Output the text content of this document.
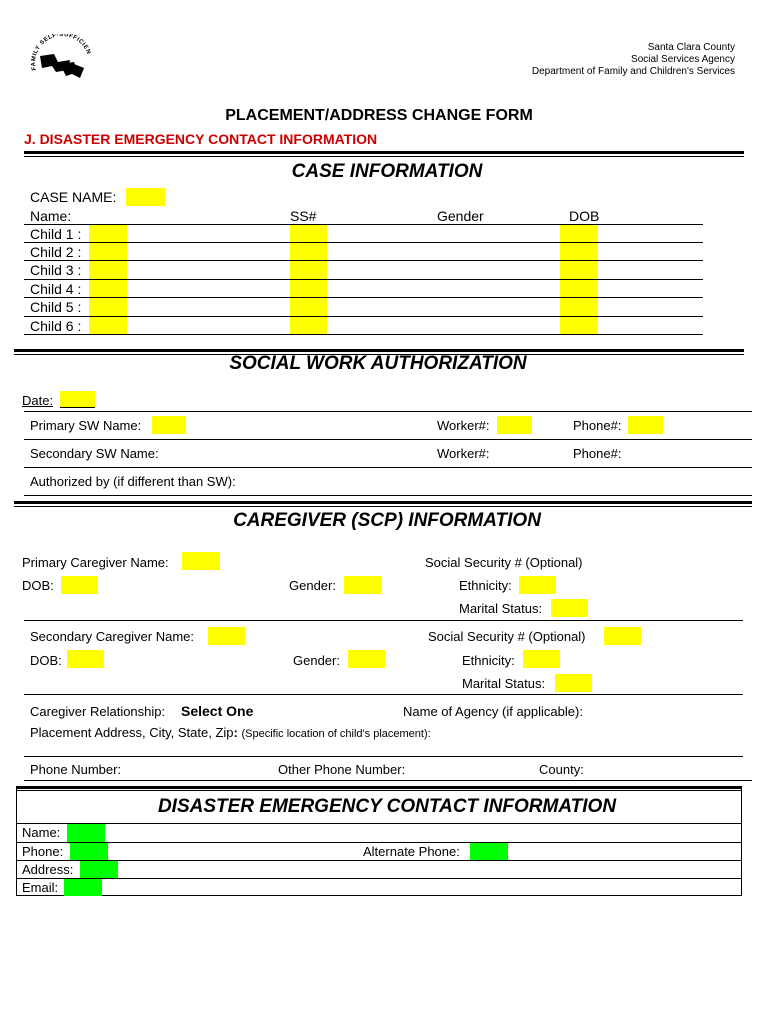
FAMILY SELF-SUFFICIEN	Santa Clara County
Social Services Agency
Department of Family and Children's Services
PLACEMENT/ADDRESS CHANGE FORM
J. DISASTER EMERGENCY CONTACT INFORMATION
CASE INFORMATION
CASE NAME:
Name:	SS#	Gender	DOB
Child 1 :
Child 2 :
Child 3 :
Child 4 :
Child 5 :
Child 6 :
SOCIAL WORK AUTHORIZATION
Date:
Primary SW Name:	Worker#:	Phone#:
Secondary SW Name:	Worker#:	Phone#:
Authorized by (if different than SW):
CAREGIVER (SCP) INFORMATION
Primary Caregiver Name:	Social Security # (Optional)
DOB:	Gender:	Ethnicity:
Marital Status:
Secondary Caregiver Name:	Social Security # (Optional)
DOB:	Gender:	Ethnicity:
Marital Status:
Caregiver Relationship: Select One	Name of Agency (if applicable):
Placement Address, City, State, Zip: (Specific location of child's placement):
Phone Number:	Other Phone Number:	County:
DISASTER EMERGENCY CONTACT INFORMATION
Name:
Phone:	Alternate Phone:
Address:
Email:
